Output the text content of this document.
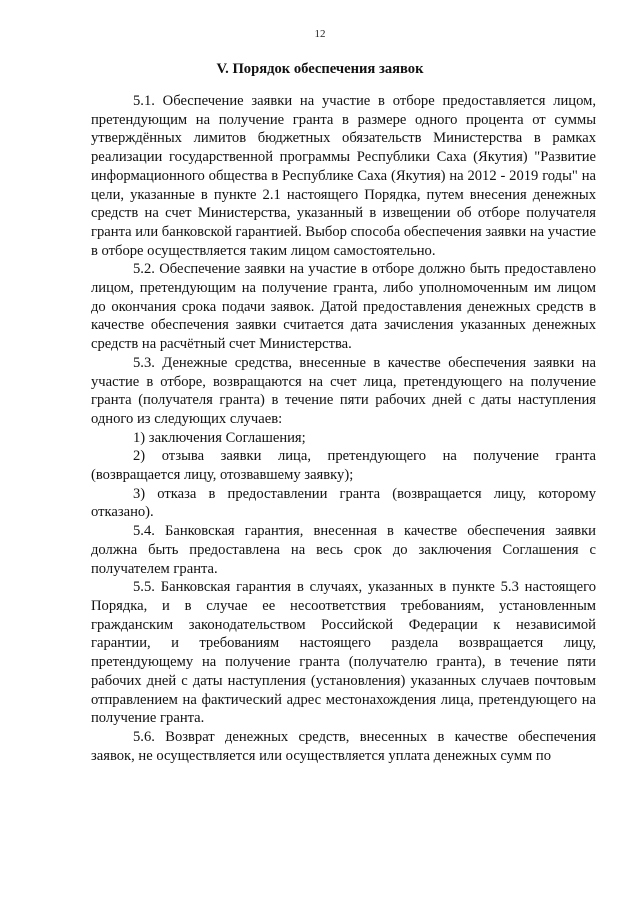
12
V. Порядок обеспечения заявок

5.1. Обеспечение заявки на участие в отборе предоставляется лицом, претендующим на получение гранта в размере одного процента от суммы утверждённых лимитов бюджетных обязательств Министерства в рамках реализации государственной программы Республики Саха (Якутия) "Развитие информационного общества в Республике Саха (Якутия) на 2012 - 2019 годы" на цели, указанные в пункте 2.1 настоящего Порядка, путем внесения денежных средств на счет Министерства, указанный в извещении об отборе получателя гранта или банковской гарантией. Выбор способа обеспечения заявки на участие в отборе осуществляется таким лицом самостоятельно.

5.2. Обеспечение заявки на участие в отборе должно быть предоставлено лицом, претендующим на получение гранта, либо уполномоченным им лицом до окончания срока подачи заявок. Датой предоставления денежных средств в качестве обеспечения заявки считается дата зачисления указанных денежных средств на расчётный счет Министерства.

5.3. Денежные средства, внесенные в качестве обеспечения заявки на участие в отборе, возвращаются на счет лица, претендующего на получение гранта (получателя гранта) в течение пяти рабочих дней с даты наступления одного из следующих случаев:

1) заключения Соглашения;

2) отзыва заявки лица, претендующего на получение гранта (возвращается лицу, отозвавшему заявку);

3) отказа в предоставлении гранта (возвращается лицу, которому отказано).

5.4. Банковская гарантия, внесенная в качестве обеспечения заявки должна быть предоставлена на весь срок до заключения Соглашения с получателем гранта.

5.5. Банковская гарантия в случаях, указанных в пункте 5.3 настоящего Порядка, и в случае ее несоответствия требованиям, установленным гражданским законодательством Российской Федерации к независимой гарантии, и требованиям настоящего раздела возвращается лицу, претендующему на получение гранта (получателю гранта), в течение пяти рабочих дней с даты наступления (установления) указанных случаев почтовым отправлением на фактический адрес местонахождения лица, претендующего на получение гранта.

5.6. Возврат денежных средств, внесенных в качестве обеспечения заявок, не осуществляется или осуществляется уплата денежных сумм по
